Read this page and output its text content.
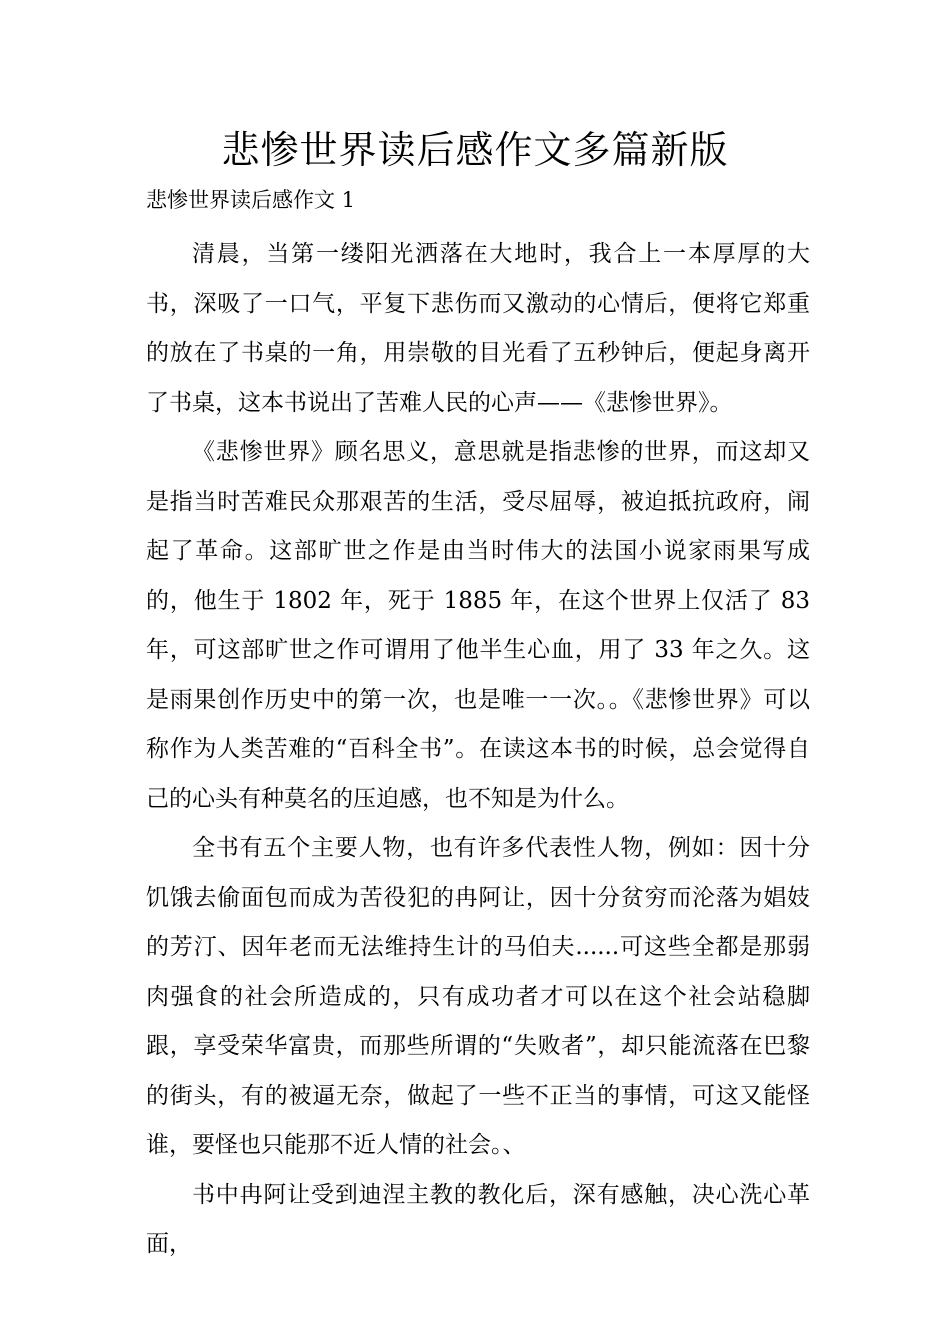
悲惨世界读后感作文多篇新版
悲惨世界读后感作文 1

清晨，当第一缕阳光洒落在大地时，我合上一本厚厚的大书，深吸了一口气，平复下悲伤而又激动的心情后，便将它郑重的放在了书桌的一角，用崇敬的目光看了五秒钟后，便起身离开了书桌，这本书说出了苦难人民的心声——《悲惨世界》。

《悲惨世界》顾名思义，意思就是指悲惨的世界，而这却又是指当时苦难民众那艰苦的生活，受尽屈辱，被迫抵抗政府，闹起了革命。这部旷世之作是由当时伟大的法国小说家雨果写成的，他生于 1802 年，死于 1885 年，在这个世界上仅活了 83 年，可这部旷世之作可谓用了他半生心血，用了 33 年之久。这是雨果创作历史中的第一次，也是唯一一次。。《悲惨世界》可以称作为人类苦难的“百科全书”。在读这本书的时候，总会觉得自己的心头有种莫名的压迫感，也不知是为什么。

全书有五个主要人物，也有许多代表性人物，例如：因十分饥饿去偷面包而成为苦役犯的冉阿让，因十分贫穷而沦落为娼妓的芳汀、因年老而无法维持生计的马伯夫......可这些全都是那弱肉强食的社会所造成的，只有成功者才可以在这个社会站稳脚跟，享受荣华富贵，而那些所谓的“失败者”，却只能流落在巴黎的街头，有的被逼无奈，做起了一些不正当的事情，可这又能怪谁，要怪也只能那不近人情的社会。、

书中冉阿让受到迪涅主教的教化后，深有感触，决心洗心革面，
